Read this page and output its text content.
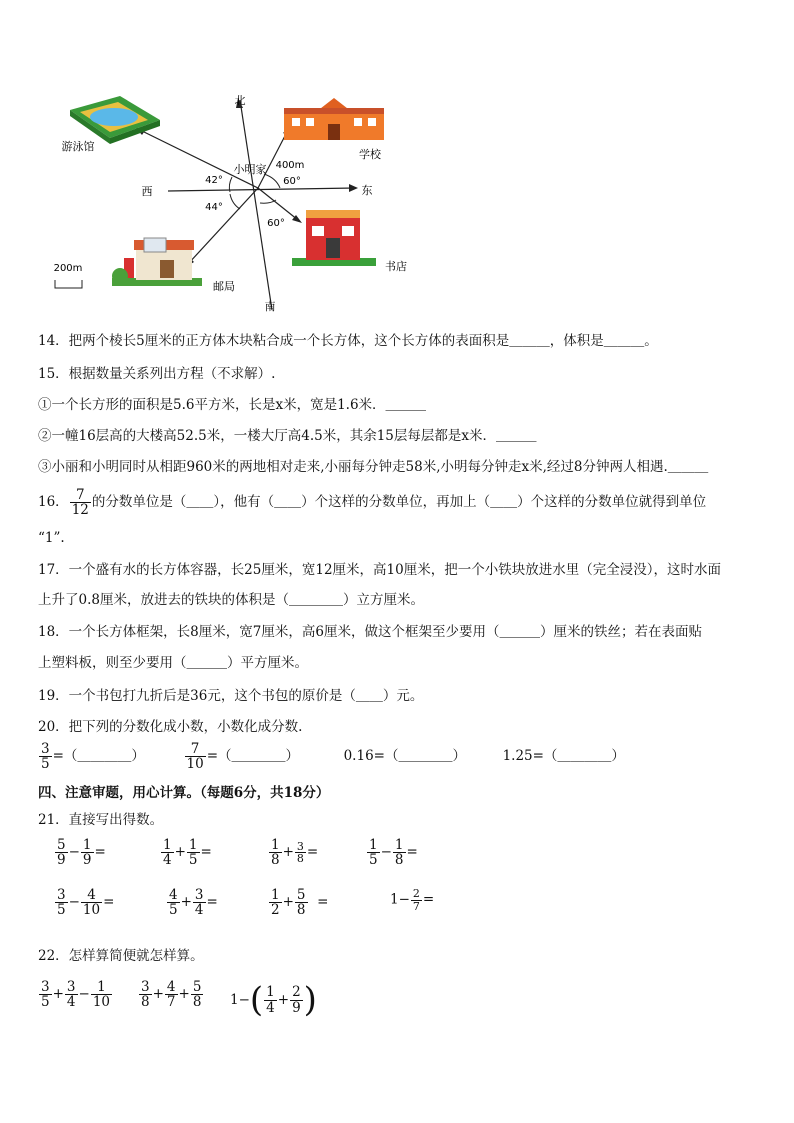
北
南
东
西
小明家
游泳馆
学校
书店
邮局
400m
42°
44°
60°
60°
200m
14．把两个棱长5厘米的正方体木块粘合成一个长方体，这个长方体的表面积是＿＿＿，体积是＿＿＿。
15．根据数量关系列出方程（不求解）.
①一个长方形的面积是5.6平方米，长是x米，宽是1.6米．＿＿＿
②一幢16层高的大楼高52.5米，一楼大厅高4.5米，其余15层每层都是x米．＿＿＿
③小丽和小明同时从相距960米的两地相对走来,小丽每分钟走58米,小明每分钟走x米,经过8分钟两人相遇.＿＿＿
16． $\frac{7}{12}$ 的分数单位是（＿＿），他有（＿＿）个这样的分数单位，再加上（＿＿）个这样的分数单位就得到单位
“1”.
17．一个盛有水的长方体容器，长25厘米，宽12厘米，高10厘米，把一个小铁块放进水里（完全浸没），这时水面
上升了0.8厘米，放进去的铁块的体积是（＿＿＿＿）立方厘米。
18．一个长方体框架，长8厘米，宽7厘米，高6厘米，做这个框架至少要用（＿＿＿）厘米的铁丝；若在表面贴
上塑料板，则至少要用（＿＿＿）平方厘米。
19．一个书包打九折后是36元，这个书包的原价是（＿＿）元。
20．把下列的分数化成小数，小数化成分数.
$\frac{3}{5}$ =（＿＿＿＿）	$\frac{7}{10}$ =（＿＿＿＿）	0.16=（＿＿＿＿）	1.25=（＿＿＿＿）
四、注意审题，用心计算。（每题6分，共18分）
21．直接写出得数。
$\frac{5}{9} - \frac{1}{9}$ =	$\frac{1}{4} + \frac{1}{5}$ =	$\frac{1}{8} + \frac{3}{8}$ =	$\frac{1}{5} - \frac{1}{8}$ =
$\frac{3}{5} - \frac{4}{10}$ =	$\frac{4}{5} + \frac{3}{4}$ =	$\frac{1}{2} + \frac{5}{8}$ =	$1- \frac{2}{7}$ =
22．怎样算简便就怎样算。
$\frac{3}{5} + \frac{3}{4} - \frac{1}{10} \frac{3}{8} + \frac{4}{7} + \frac{5}{8} 1-( \frac{1}{4} + \frac{2}{9}$ )
